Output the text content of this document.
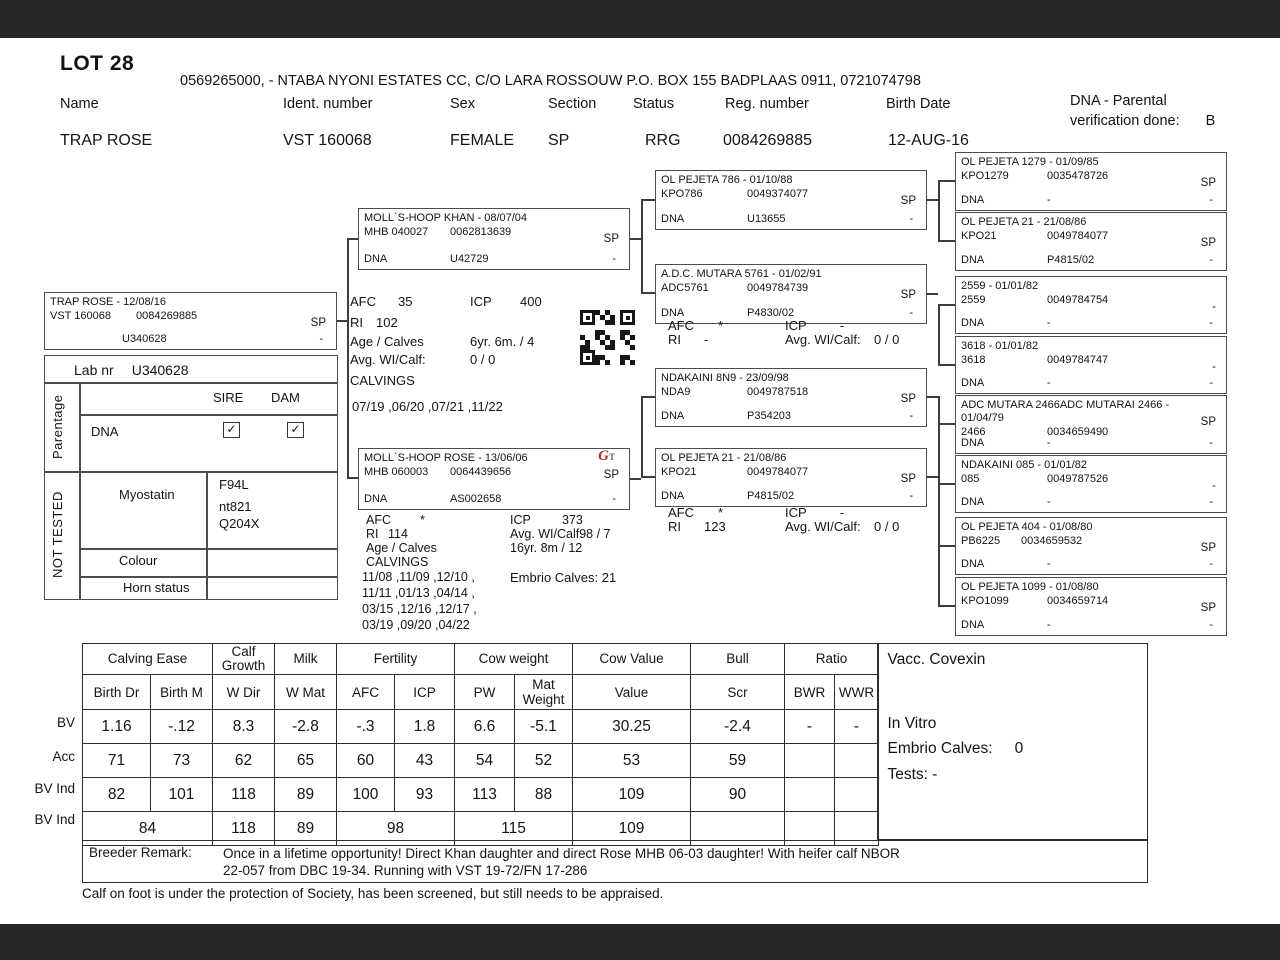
LOT 28
0569265000, - NTABA NYONI ESTATES CC, C/O LARA ROSSOUW P.O. BOX 155 BADPLAAS 0911, 0721074798
Name	Ident. number	Sex	Section	Status	Reg. number	Birth Date	DNA - Parental
verification done: B
TRAP ROSE	VST 160068	FEMALE SP	RRG	0084269885	12-AUG-16
TRAP ROSE - 12/08/16
VST 160068 0084269885
SP
U340628	-
MOLL`S-HOOP KHAN - 08/07/04
MHB 040027 0062813639
SP
DNA	U42729	-
MOLL`S-HOOP ROSE - 13/06/06
MHB 060003 0064439656
GT
SP
DNA	AS002658	-
OL PEJETA 786 - 01/10/88
KPO786	0049374077
SP
DNA	U13655	-
A.D.C. MUTARA 5761 - 01/02/91
ADC5761	0049784739
SP
DNA	P4830/02	-
NDAKAINI 8N9 - 23/09/98
NDA9	0049787518
SP
DNA	P354203	-
OL PEJETA 21 - 21/08/86
KPO21	0049784077
SP
DNA	P4815/02	-
OL PEJETA 1279 - 01/09/85
KPO1279	0035478726
SP
DNA	-	-
OL PEJETA 21 - 21/08/86
KPO21	0049784077
SP
DNA	P4815/02	-
2559 - 01/01/82
2559	0049784754
-
DNA	-	-
3618 - 01/01/82
3618	0049784747
-
DNA	-	-
ADC MUTARA 2466ADC MUTARAI 2466 - 01/04/79
2466	0034659490
SP
DNA	-	-
NDAKAINI 085 - 01/01/82
085	0049787526
-
DNA	-	-
OL PEJETA 404 - 01/08/80
PB6225 0034659532
SP
DNA	-	-
OL PEJETA 1099 - 01/08/80
KPO1099	0034659714
SP
DNA	-	-
AFC 35	ICP 400
RI 102
Age / Calves	6yr. 6m. / 4
Avg. WI/Calf:	0 / 0
CALVINGS
07/19 ,06/20 ,07/21 ,11/22
AFC *	ICP 373
RI 114	Avg. WI/Calf98 / 7
Age / Calves	16yr. 8m / 12
CALVINGS
11/08 ,11/09 ,12/10 ,
11/11 ,01/13 ,04/14 ,
03/15 ,12/16 ,12/17 ,
03/19 ,09/20 ,04/22
Embrio Calves: 21
AFC *	ICP	-
RI -	Avg. WI/Calf: 0 / 0
AFC *	ICP	-
RI 123	Avg. WI/Calf: 0 / 0
Lab nr U340628
Parentage
NOT TESTED
SIRE DAM
DNA	✓	✓
Myostatin
F94L
nt821
Q204X
Colour
Horn status
BV
Acc
BV Ind
BV Ind
Calving Ease		Calf Growth	Milk	Fertility		Cow weight		Cow Value	Bull	Ratio	
Birth Dr	Birth M	W Dir	W Mat	AFC	ICP	PW	Mat Weight	Value	Scr	BWR	WWR
1.16	-.12	8.3	-2.8	-.3	1.8	6.6	-5.1	30.25	-2.4	-	-
71	73	62	65	60	43	54	52	53	59		
82	101	118	89	100	93	113	88	109	90		
84		118	89	98		115		109			
Vacc. Covexin
In Vitro
Embrio Calves: 0
Tests: -
Breeder Remark: Once in a lifetime opportunity! Direct Khan daughter and direct Rose MHB 06-03 daughter! With heifer calf NBOR 22-057 from DBC 19-34. Running with VST 19-72/FN 17-286
Calf on foot is under the protection of Society, has been screened, but still needs to be appraised.
